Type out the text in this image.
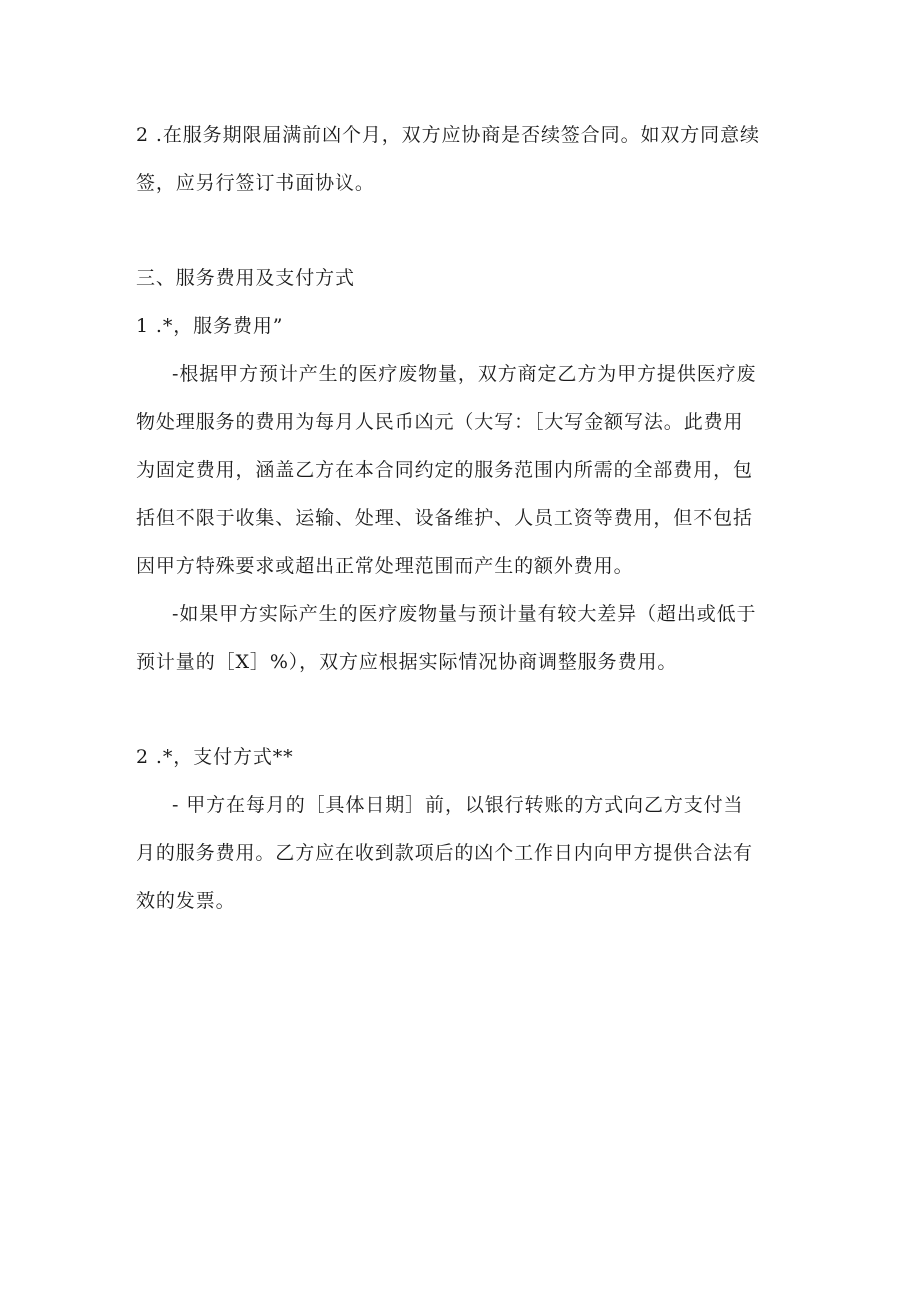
2 .在服务期限届满前凶个月，双方应协商是否续签合同。如双方同意续
签，应另行签订书面协议。
三、服务费用及支付方式
1 .*，服务费用”
-根据甲方预计产生的医疗废物量，双方商定乙方为甲方提供医疗废
物处理服务的费用为每月人民币凶元（大写：［大写金额写法。此费用
为固定费用，涵盖乙方在本合同约定的服务范围内所需的全部费用，包
括但不限于收集、运输、处理、设备维护、人员工资等费用，但不包括
因甲方特殊要求或超出正常处理范围而产生的额外费用。
-如果甲方实际产生的医疗废物量与预计量有较大差异（超出或低于
预计量的［X］%），双方应根据实际情况协商调整服务费用。
2 .*，支付方式**
- 甲方在每月的［具体日期］前，以银行转账的方式向乙方支付当
月的服务费用。乙方应在收到款项后的凶个工作日内向甲方提供合法有
效的发票。
